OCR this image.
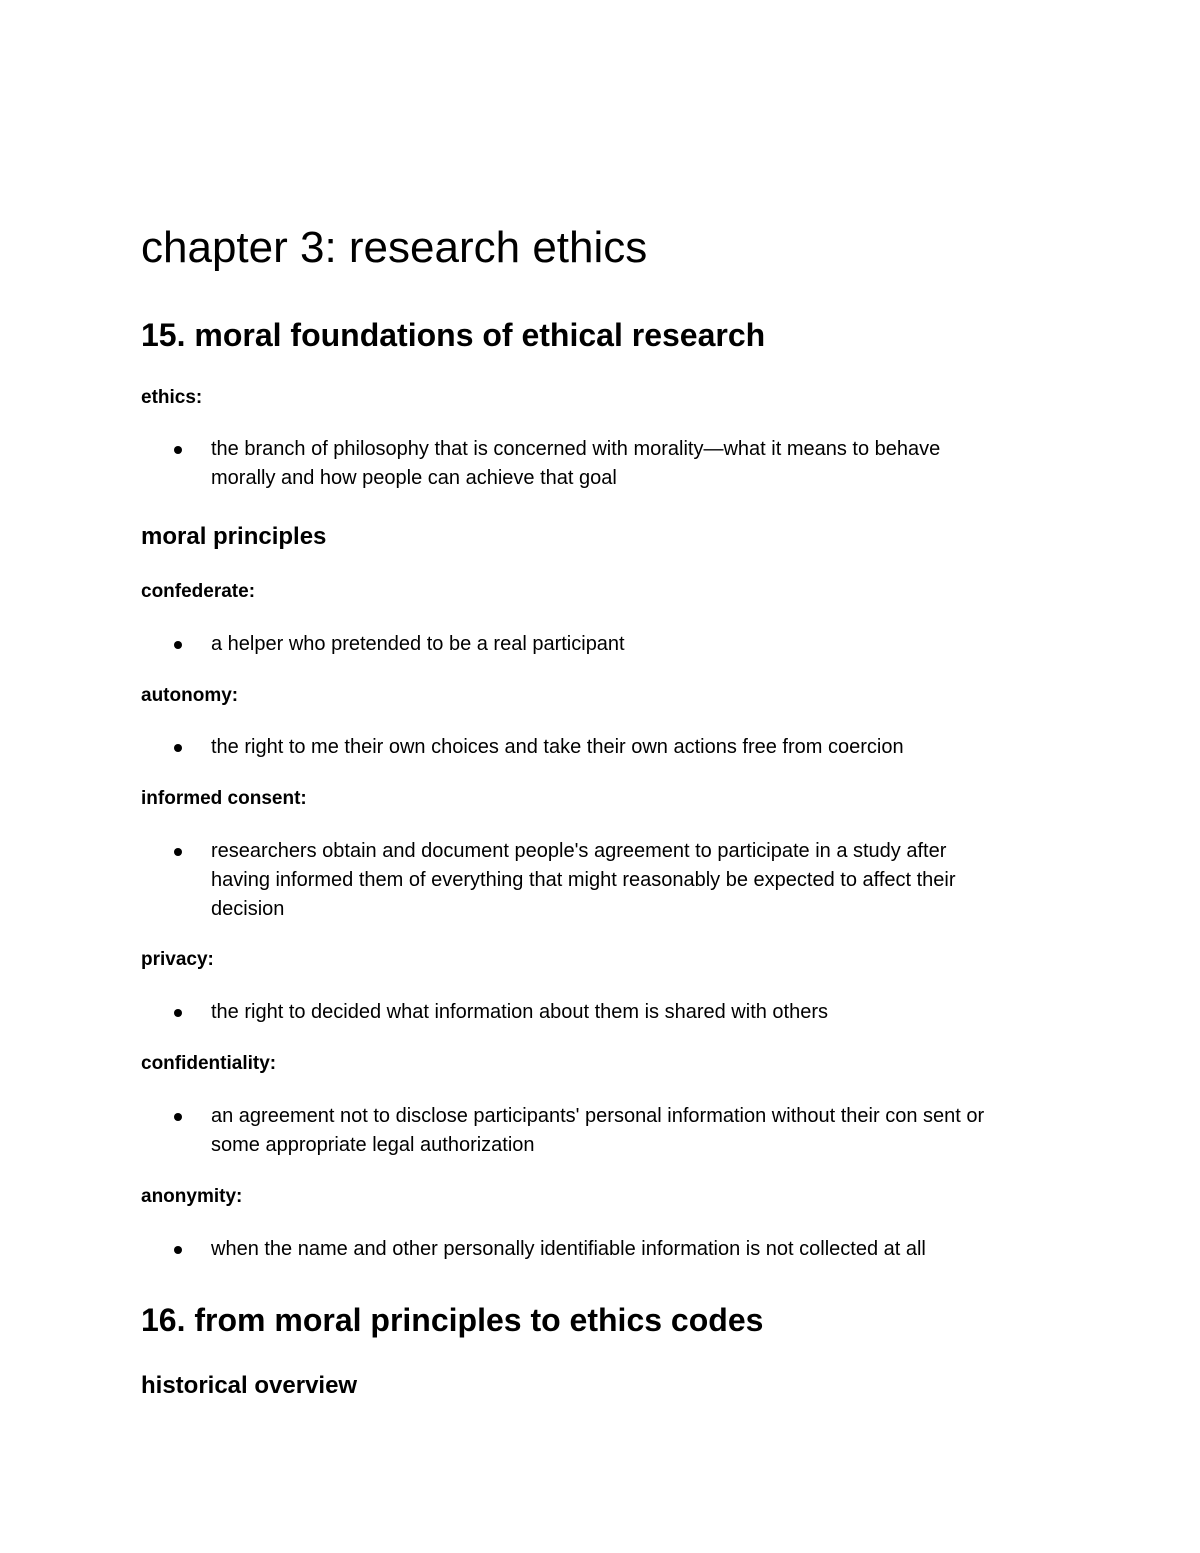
chapter 3: research ethics
15. moral foundations of ethical research
ethics:

the branch of philosophy that is concerned with morality—what it means to behave
morally and how people can achieve that goal

moral principles
confederate:

a helper who pretended to be a real participant

autonomy:

the right to me their own choices and take their own actions free from coercion

informed consent:

researchers obtain and document people's agreement to participate in a study after
having informed them of everything that might reasonably be expected to affect their
decision

privacy:

the right to decided what information about them is shared with others

confidentiality:

an agreement not to disclose participants' personal information without their con sent or
some appropriate legal authorization

anonymity:

when the name and other personally identifiable information is not collected at all

16. from moral principles to ethics codes
historical overview
